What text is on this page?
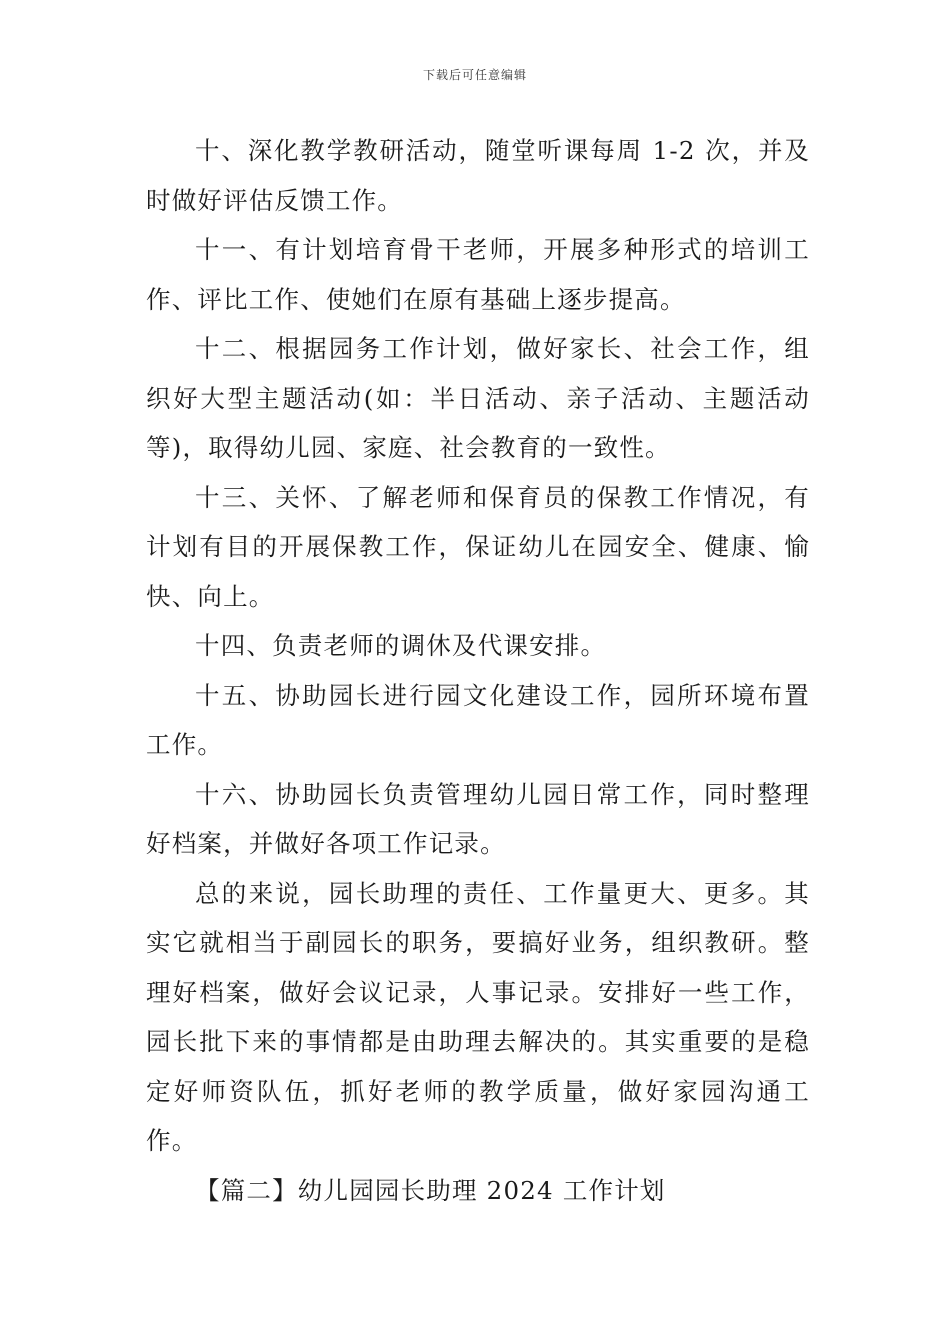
下载后可任意编辑

十、深化教学教研活动，随堂听课每周 1-2 次，并及时做好评估反馈工作。

十一、有计划培育骨干老师，开展多种形式的培训工作、评比工作、使她们在原有基础上逐步提高。

十二、根据园务工作计划，做好家长、社会工作，组织好大型主题活动(如：半日活动、亲子活动、主题活动等)，取得幼儿园、家庭、社会教育的一致性。

十三、关怀、了解老师和保育员的保教工作情况，有计划有目的开展保教工作，保证幼儿在园安全、健康、愉快、向上。

十四、负责老师的调休及代课安排。

十五、协助园长进行园文化建设工作，园所环境布置工作。

十六、协助园长负责管理幼儿园日常工作，同时整理好档案，并做好各项工作记录。

总的来说，园长助理的责任、工作量更大、更多。其实它就相当于副园长的职务，要搞好业务，组织教研。整理好档案，做好会议记录，人事记录。安排好一些工作，园长批下来的事情都是由助理去解决的。其实重要的是稳定好师资队伍，抓好老师的教学质量，做好家园沟通工作。

【篇二】幼儿园园长助理 2024 工作计划
